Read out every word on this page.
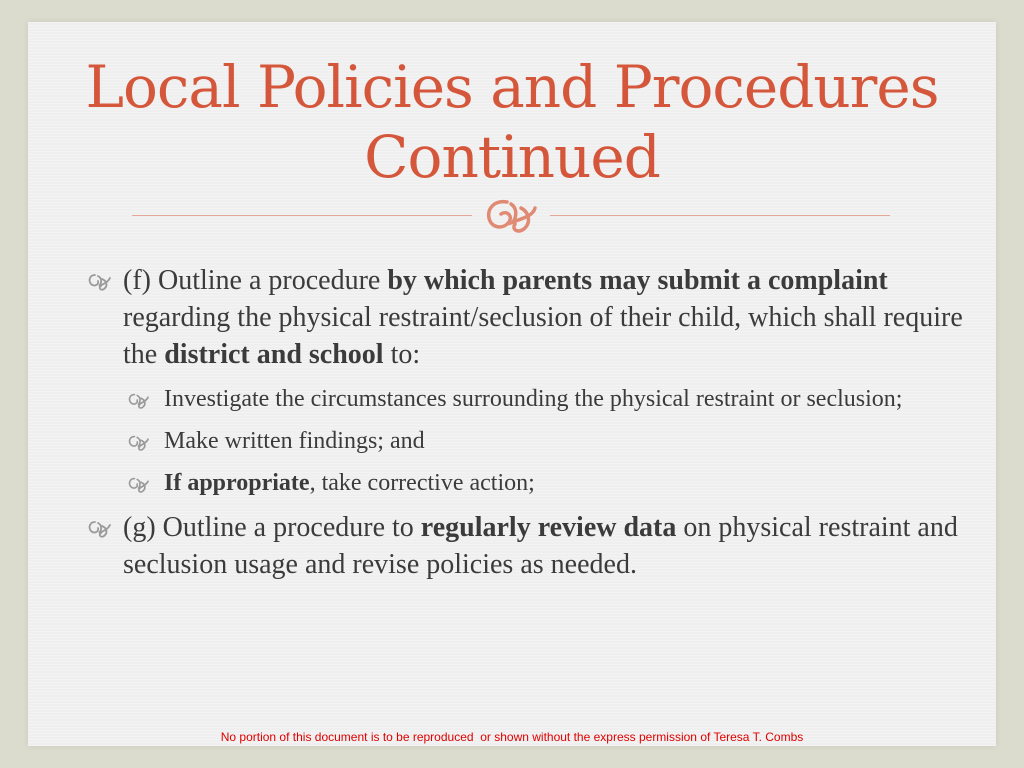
Local Policies and Procedures
Continued
(f) Outline a procedure by which parents may submit a complaint regarding the physical restraint/seclusion of their child, which shall require the district and school to:
Investigate the circumstances surrounding the physical restraint or seclusion;
Make written findings; and
If appropriate, take corrective action;
(g) Outline a procedure to regularly review data on physical restraint and seclusion usage and revise policies as needed.
No portion of this document is to be reproduced  or shown without the express permission of Teresa T. Combs
